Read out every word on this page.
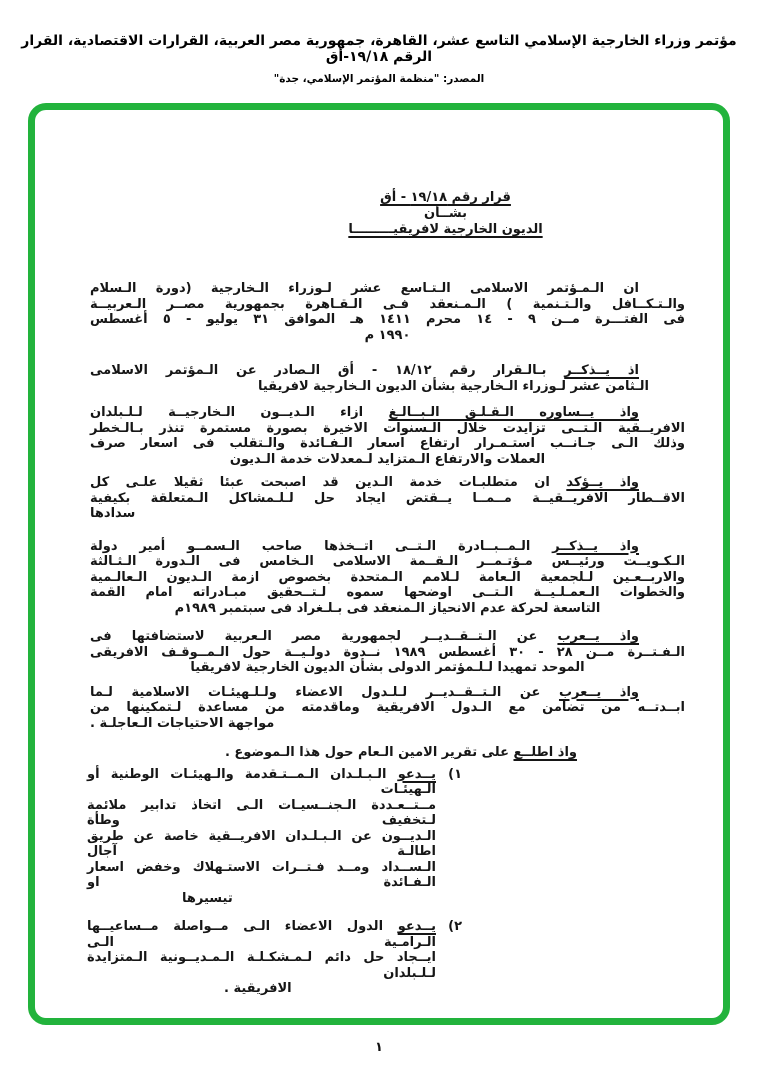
مؤتمر وزراء الخارجية الإسلامي التاسع عشر، القاهرة، جمهورية مصر العربية، القرارات الاقتصادية، القرار الرقم ١٩/١٨-أق
المصدر: "منظمة المؤتمر الإسلامي، جدة"
قرار رقم ١٩/١٨ - أق
بشــأن
الديون الخارجية لافريقيـــــــــا
ان الـمـؤتمر الاسلامى الـتـاسع عشر لـوزراء الـخارجية (دورة الـسلام
والـتـكــافل والـتـنمية ) الـمـنعقد فـى الـقـاهرة بجمهورية مصــر الـعربيــة
فى الفتـــرة مــن ٩ - ١٤ محرم ١٤١١ هـ الموافق ٣١ يوليو - ٥ أغسطس
١٩٩٠ م
اذ يــذكــر بـالـقرار رقم ١٨/١٢ - أق الـصادر عن الـمؤتمر الاسلامى
الـثامن عشر لـوزراء الـخارجية بشأن الديون الـخارجية لافريقيا
واذ يــساوره الـقـلـق الـبــالـغ ازاء الـديــون الـخارجيــة لـلـبلدان
الافريــقية الـتــى تزايدت خلال الـسنوات الاخيرة بصورة مستمرة تنذر بـالـخطر
وذلك الـى جـانــب استـمـرار ارتفاع اسعار الـفـائدة والـتقلب فى اسعار صرف
العملات والارتفاع الـمتزايد لـمعدلات خدمة الـديون
واذ يــؤكد ان متطلبـات خدمة الـدين قد اصبحت عبئا ثقيلا علـى كل
الاقــطار الافريــقيــة مــمــا يــقتض ايجاد حل لـلـمشاكل الـمتعلقة بكيفية
سدادها
واذ يــذكــر الـمــبــادرة الـتــى اتــخذها صاحب الـسمــو أمير دولة
الـكـويــت ورئيــس مـؤتـمــر الـقــمة الاسلامى الـخامس فى الـدورة الـثـالثة
والاربــعـين لـلجمعية الـعامة لـلامم الـمتحدة بخصوص ازمة الـديون الـعالـمية
والخطوات الـعمـلـيــة الـتــى اوضحها سموه لـتــحقيق مبـادراته امام القمة
التاسعة لحركة عدم الانحياز الـمنعقد فى بـلـغراد فى سبتمبر ١٩٨٩م
واذ يــعرب عن الـتــقــديــر لجمهورية مصر الـعربية لاستضافتها فى
الـفـتــرة مــن ٢٨ - ٣٠ أغسطس ١٩٨٩ نــدوة دولـيــة حول الـمــوقـف الافريقى
الموحد تمهيدا لـلـمؤتمر الدولى بشأن الديون الخارجية لافريقيا
واذ يــعرب عن الـتــقــديــر لـلـدول الاعضاء ولـلـهيئـات الاسلامية لـما
ابــدتــه من تضامن مع الـدول الافريقية وماقدمته من مساعدة لـتمكينها من
مواجهة الاحتياجات الـعاجلـة .
واذ اطلــع على تقرير الامين الـعام حول هذا الـموضوع .
١)
يــدعو الـبـلـدان الـمــتـقدمة والـهيئـات الوطنية أو الـهيئـات
مــتــعـددة الـجنــسيـات الـى اتخاذ تدابير ملائمة لـتخفيف وطأة
الـديــون عن الـبـلـدان الافريــقية خاصة عن طريق اطالـة آجال
الـســداد ومــد فـتــرات الاستـهلاك وخفض اسعار الـفـائدة او
تيسيرها
٢)
يــدعو الدول الاعضاء الـى مــواصلة مــساعيــها الـرامـية الـى
ايــجاد حل دائم لـمـشكـلـة الـمـديــونية الـمتزايدة لـلـبلدان
الافريقية .
١
